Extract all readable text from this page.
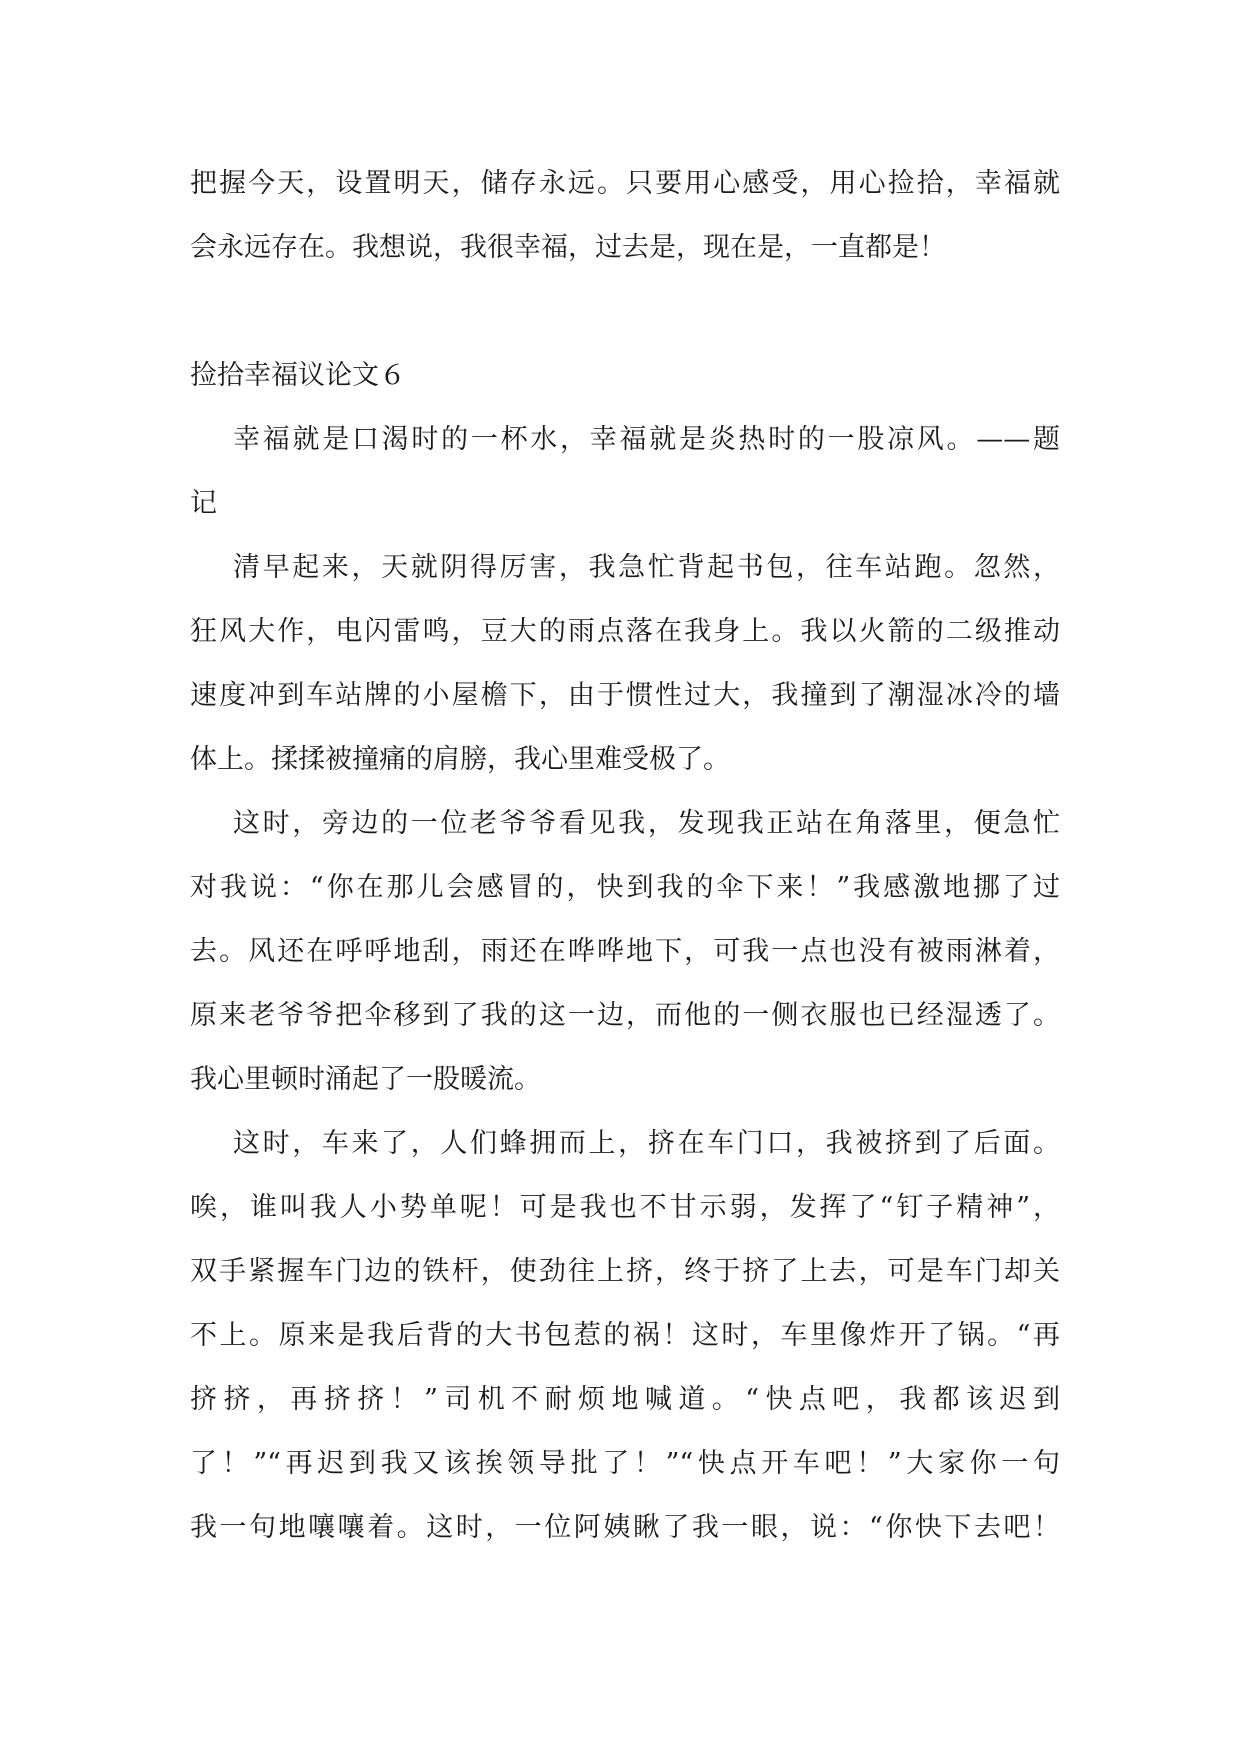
把握今天，设置明天，储存永远。只要用心感受，用心捡拾，幸福就
会永远存在。我想说，我很幸福，过去是，现在是，一直都是！
捡拾幸福议论文６
幸福就是口渴时的一杯水，幸福就是炎热时的一股凉风。——题
记
清早起来，天就阴得厉害，我急忙背起书包，往车站跑。忽然，
狂风大作，电闪雷鸣，豆大的雨点落在我身上。我以火箭的二级推动
速度冲到车站牌的小屋檐下，由于惯性过大，我撞到了潮湿冰冷的墙
体上。揉揉被撞痛的肩膀，我心里难受极了。
这时，旁边的一位老爷爷看见我，发现我正站在角落里，便急忙
对我说：“你在那儿会感冒的，快到我的伞下来！”我感激地挪了过
去。风还在呼呼地刮，雨还在哗哗地下，可我一点也没有被雨淋着，
原来老爷爷把伞移到了我的这一边，而他的一侧衣服也已经湿透了。
我心里顿时涌起了一股暖流。
这时，车来了，人们蜂拥而上，挤在车门口，我被挤到了后面。
唉，谁叫我人小势单呢！可是我也不甘示弱，发挥了“钉子精神”，
双手紧握车门边的铁杆，使劲往上挤，终于挤了上去，可是车门却关
不上。原来是我后背的大书包惹的祸！这时，车里像炸开了锅。“再
挤挤，再挤挤！”司机不耐烦地喊道。“快点吧，我都该迟到
了！”“再迟到我又该挨领导批了！”“快点开车吧！”大家你一句
我一句地嚷嚷着。这时，一位阿姨瞅了我一眼，说：“你快下去吧！
